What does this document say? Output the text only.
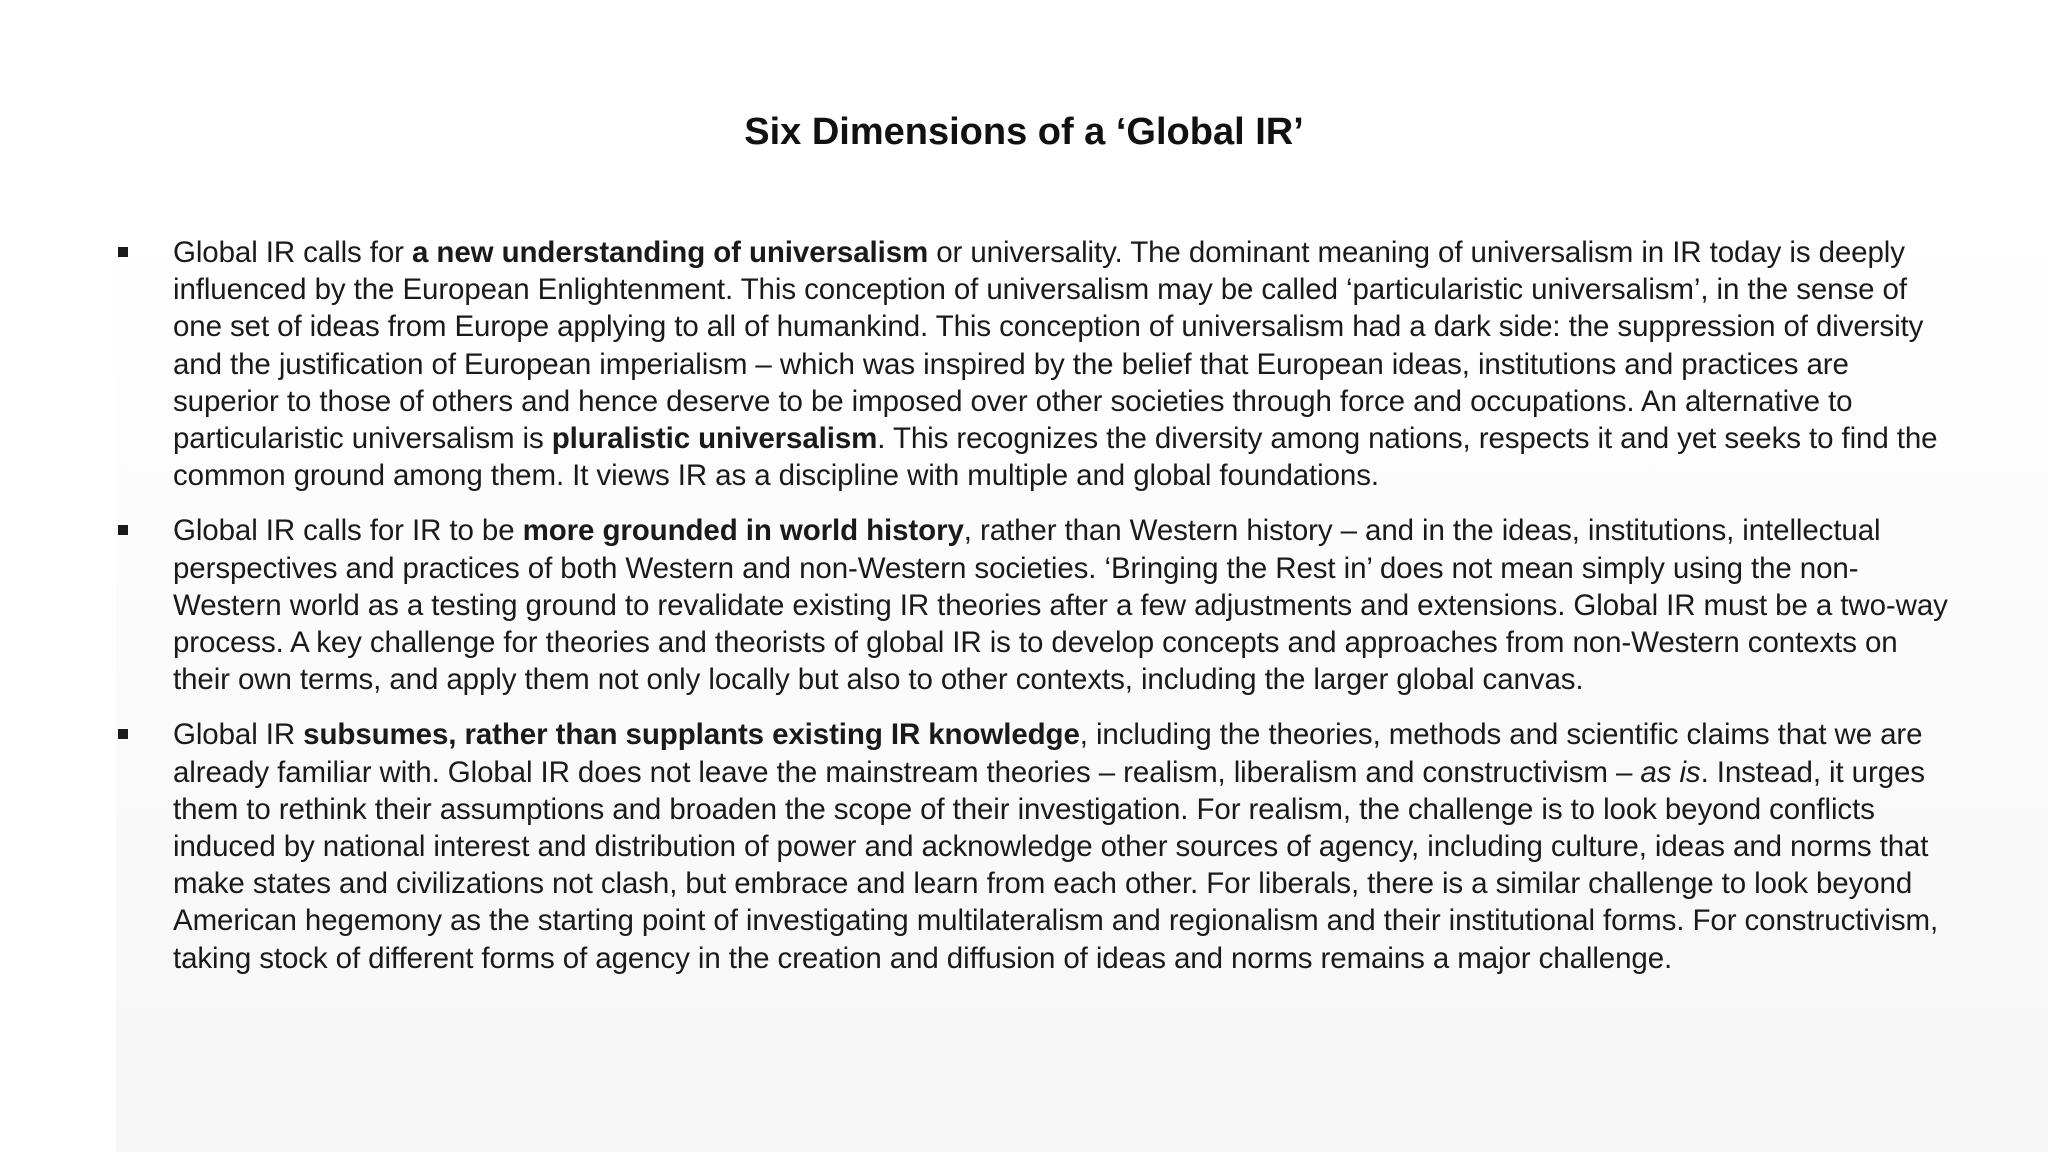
Six Dimensions of a ‘Global IR’
Global IR calls for a new understanding of universalism or universality. The dominant meaning of universalism in IR today is deeply influenced by the European Enlightenment. This conception of universalism may be called ‘particularistic universalism’, in the sense of one set of ideas from Europe applying to all of humankind. This conception of universalism had a dark side: the suppression of diversity and the justification of European imperialism – which was inspired by the belief that European ideas, institutions and practices are superior to those of others and hence deserve to be imposed over other societies through force and occupations. An alternative to particularistic universalism is pluralistic universalism. This recognizes the diversity among nations, respects it and yet seeks to find the common ground among them. It views IR as a discipline with multiple and global foundations.
Global IR calls for IR to be more grounded in world history, rather than Western history – and in the ideas, institutions, intellectual perspectives and practices of both Western and non-Western societies. ‘Bringing the Rest in’ does not mean simply using the non-Western world as a testing ground to revalidate existing IR theories after a few adjustments and extensions. Global IR must be a two-way process. A key challenge for theories and theorists of global IR is to develop concepts and approaches from non-Western contexts on their own terms, and apply them not only locally but also to other contexts, including the larger global canvas.
Global IR subsumes, rather than supplants existing IR knowledge, including the theories, methods and scientific claims that we are already familiar with. Global IR does not leave the mainstream theories – realism, liberalism and constructivism – as is. Instead, it urges them to rethink their assumptions and broaden the scope of their investigation. For realism, the challenge is to look beyond conflicts induced by national interest and distribution of power and acknowledge other sources of agency, including culture, ideas and norms that make states and civilizations not clash, but embrace and learn from each other. For liberals, there is a similar challenge to look beyond American hegemony as the starting point of investigating multilateralism and regionalism and their institutional forms. For constructivism, taking stock of different forms of agency in the creation and diffusion of ideas and norms remains a major challenge.
